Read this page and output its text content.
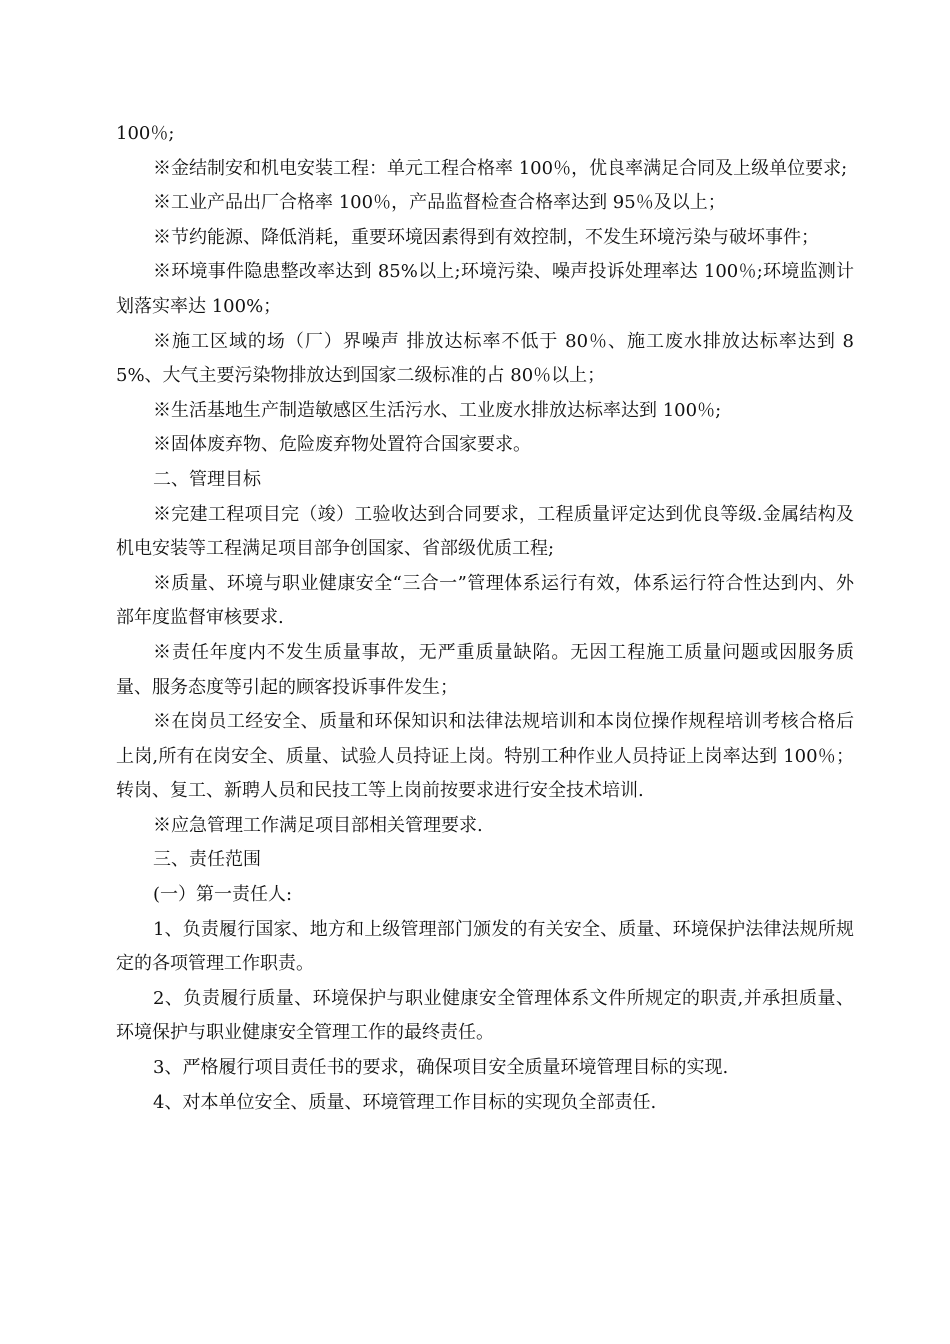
100％;

※金结制安和机电安装工程：单元工程合格率 100％，优良率满足合同及上级单位要求;

※工业产品出厂合格率 100％，产品监督检查合格率达到 95％及以上；

※节约能源、降低消耗，重要环境因素得到有效控制，不发生环境污染与破坏事件；

※环境事件隐患整改率达到 85%以上;环境污染、噪声投诉处理率达 100％;环境监测计划落实率达 100%；

※施工区域的场（厂）界噪声 排放达标率不低于 80％、施工废水排放达标率达到 85%、大气主要污染物排放达到国家二级标准的占 80％以上；

※生活基地生产制造敏感区生活污水、工业废水排放达标率达到 100％;

※固体废弃物、危险废弃物处置符合国家要求。

二、管理目标

※完建工程项目完（竣）工验收达到合同要求，工程质量评定达到优良等级.金属结构及机电安装等工程满足项目部争创国家、省部级优质工程;

※质量、环境与职业健康安全“三合一”管理体系运行有效，体系运行符合性达到内、外部年度监督审核要求.

※责任年度内不发生质量事故，无严重质量缺陷。无因工程施工质量问题或因服务质量、服务态度等引起的顾客投诉事件发生；

※在岗员工经安全、质量和环保知识和法律法规培训和本岗位操作规程培训考核合格后上岗,所有在岗安全、质量、试验人员持证上岗。特别工种作业人员持证上岗率达到 100％；转岗、复工、新聘人员和民技工等上岗前按要求进行安全技术培训.

※应急管理工作满足项目部相关管理要求.

三、责任范围

(一）第一责任人:

1、负责履行国家、地方和上级管理部门颁发的有关安全、质量、环境保护法律法规所规定的各项管理工作职责。

2、负责履行质量、环境保护与职业健康安全管理体系文件所规定的职责,并承担质量、环境保护与职业健康安全管理工作的最终责任。

3、严格履行项目责任书的要求，确保项目安全质量环境管理目标的实现.

4、对本单位安全、质量、环境管理工作目标的实现负全部责任.
